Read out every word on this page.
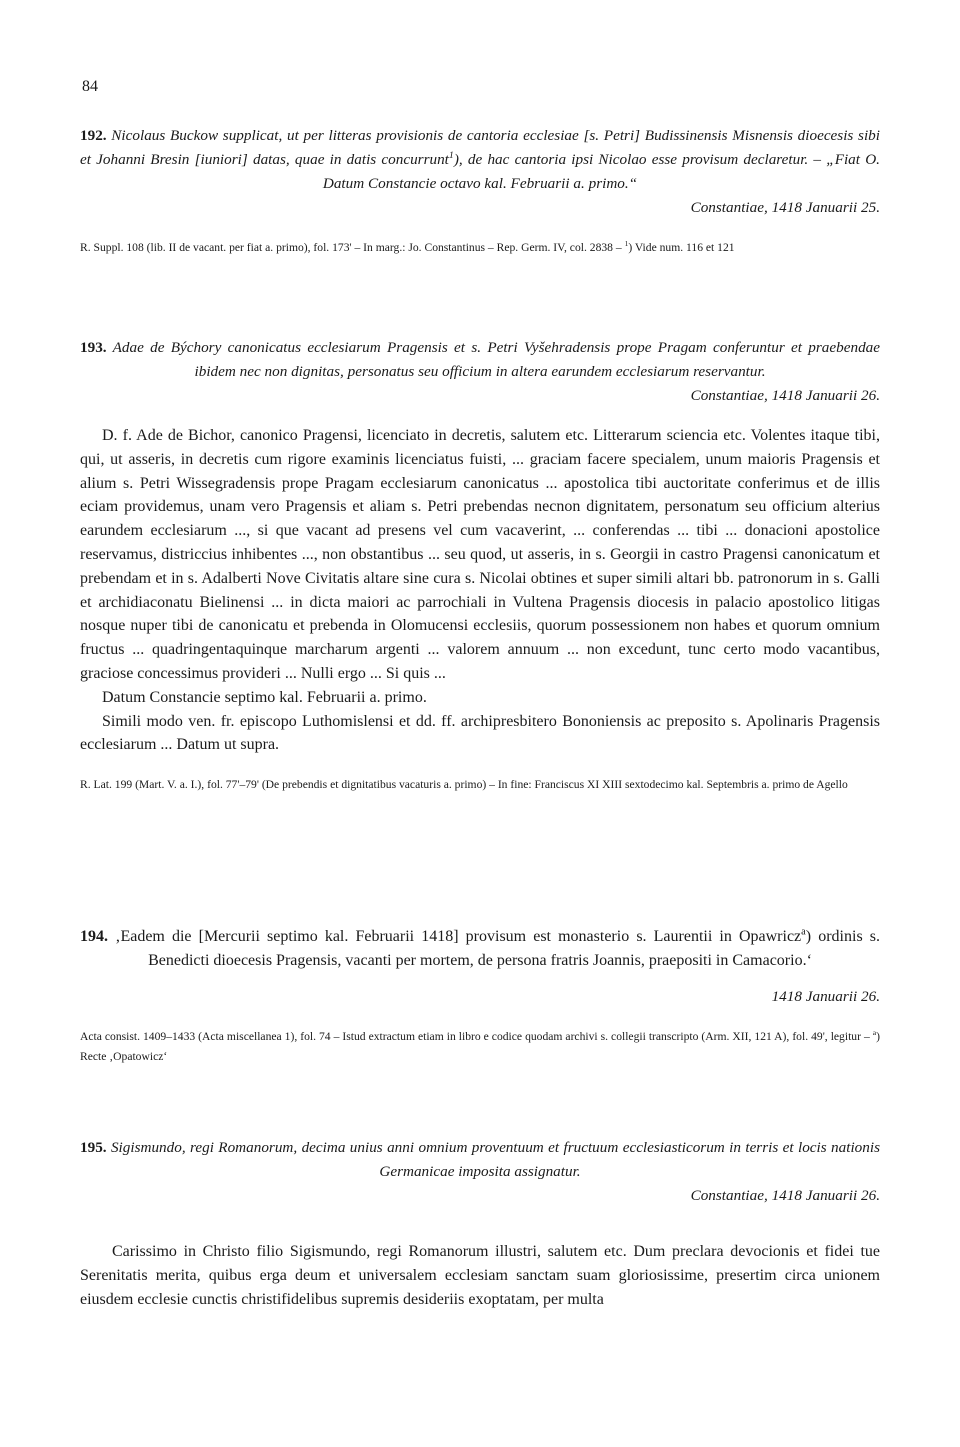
84
192. Nicolaus Buckow supplicat, ut per litteras provisionis de cantoria ecclesiae [s. Petri] Budissinensis Misnensis dioecesis sibi et Johanni Bresin [iuniori] datas, quae in datis concurrunt$^1$), de hac cantoria ipsi Nicolao esse provisum declaretur. – „Fiat O. Datum Constancie octavo kal. Februarii a. primo.“
Constantiae, 1418 Januarii 25.
R. Suppl. 108 (lib. II de vacant. per fiat a. primo), fol. 173' – In marg.: Jo. Constantinus – Rep. Germ. IV, col. 2838 – $^1$) Vide num. 116 et 121
193. Adae de Býchory canonicatus ecclesiarum Pragensis et s. Petri Vyšehradensis prope Pragam conferuntur et praebendae ibidem nec non dignitas, personatus seu officium in altera earundem ecclesiarum reservantur.
Constantiae, 1418 Januarii 26.

D. f. Ade de Bichor, canonico Pragensi, licenciato in decretis, salutem etc. Litterarum sciencia etc. Volentes itaque tibi, qui, ut asseris, in decretis cum rigore examinis licenciatus fuisti, ... graciam facere specialem, unum maioris Pragensis et alium s. Petri Wissegradensis prope Pragam ecclesiarum canonicatus ... apostolica tibi auctoritate conferimus et de illis eciam providemus, unam vero Pragensis et aliam s. Petri prebendas necnon dignitatem, personatum seu officium alterius earundem ecclesiarum ..., si que vacant ad presens vel cum vacaverint, ... conferendas ... tibi ... donacioni apostolice reservamus, districcius inhibentes ..., non obstantibus ... seu quod, ut asseris, in s. Georgii in castro Pragensi canonicatum et prebendam et in s. Adalberti Nove Civitatis altare sine cura s. Nicolai obtines et super simili altari bb. patronorum in s. Galli et archidiaconatu Bielinensi ... in dicta maiori ac parrochiali in Vultena Pragensis diocesis in palacio apostolico litigas nosque nuper tibi de canonicatu et prebenda in Olomucensi ecclesiis, quorum possessionem non habes et quorum omnium fructus ... quadringentaquinque marcharum argenti ... valorem annuum ... non excedunt, tunc certo modo vacantibus, graciose concessimus provideri ... Nulli ergo ... Si quis ...

Datum Constancie septimo kal. Februarii a. primo.

Simili modo ven. fr. episcopo Luthomislensi et dd. ff. archipresbitero Bononiensis ac preposito s. Apolinaris Pragensis ecclesiarum ... Datum ut supra.

R. Lat. 199 (Mart. V. a. I.), fol. 77'–79' (De prebendis et dignitatibus vacaturis a. primo) – In fine: Franciscus XI XIII sextodecimo kal. Septembris a. primo de Agello
194. ‚Eadem die [Mercurii septimo kal. Februarii 1418] provisum est monasterio s. Laurentii in Opawricz$^a$) ordinis s. Benedicti dioecesis Pragensis, vacanti per mortem, de persona fratris Joannis, praepositi in Camacorio.‘
1418 Januarii 26.
Acta consist. 1409–1433 (Acta miscellanea 1), fol. 74 – Istud extractum etiam in libro e codice quodam archivi s. collegii transcripto (Arm. XII, 121 A), fol. 49', legitur – $^a$) Recte ‚Opatowicz‘
195. Sigismundo, regi Romanorum, decima unius anni omnium proventuum et fructuum ecclesiasticorum in terris et locis nationis Germanicae imposita assignatur.
Constantiae, 1418 Januarii 26.

Carissimo in Christo filio Sigismundo, regi Romanorum illustri, salutem etc. Dum preclara devocionis et fidei tue Serenitatis merita, quibus erga deum et universalem ecclesiam sanctam suam gloriosissime, presertim circa unionem eiusdem ecclesie cunctis christifidelibus supremis desideriis exoptatam, per multa
